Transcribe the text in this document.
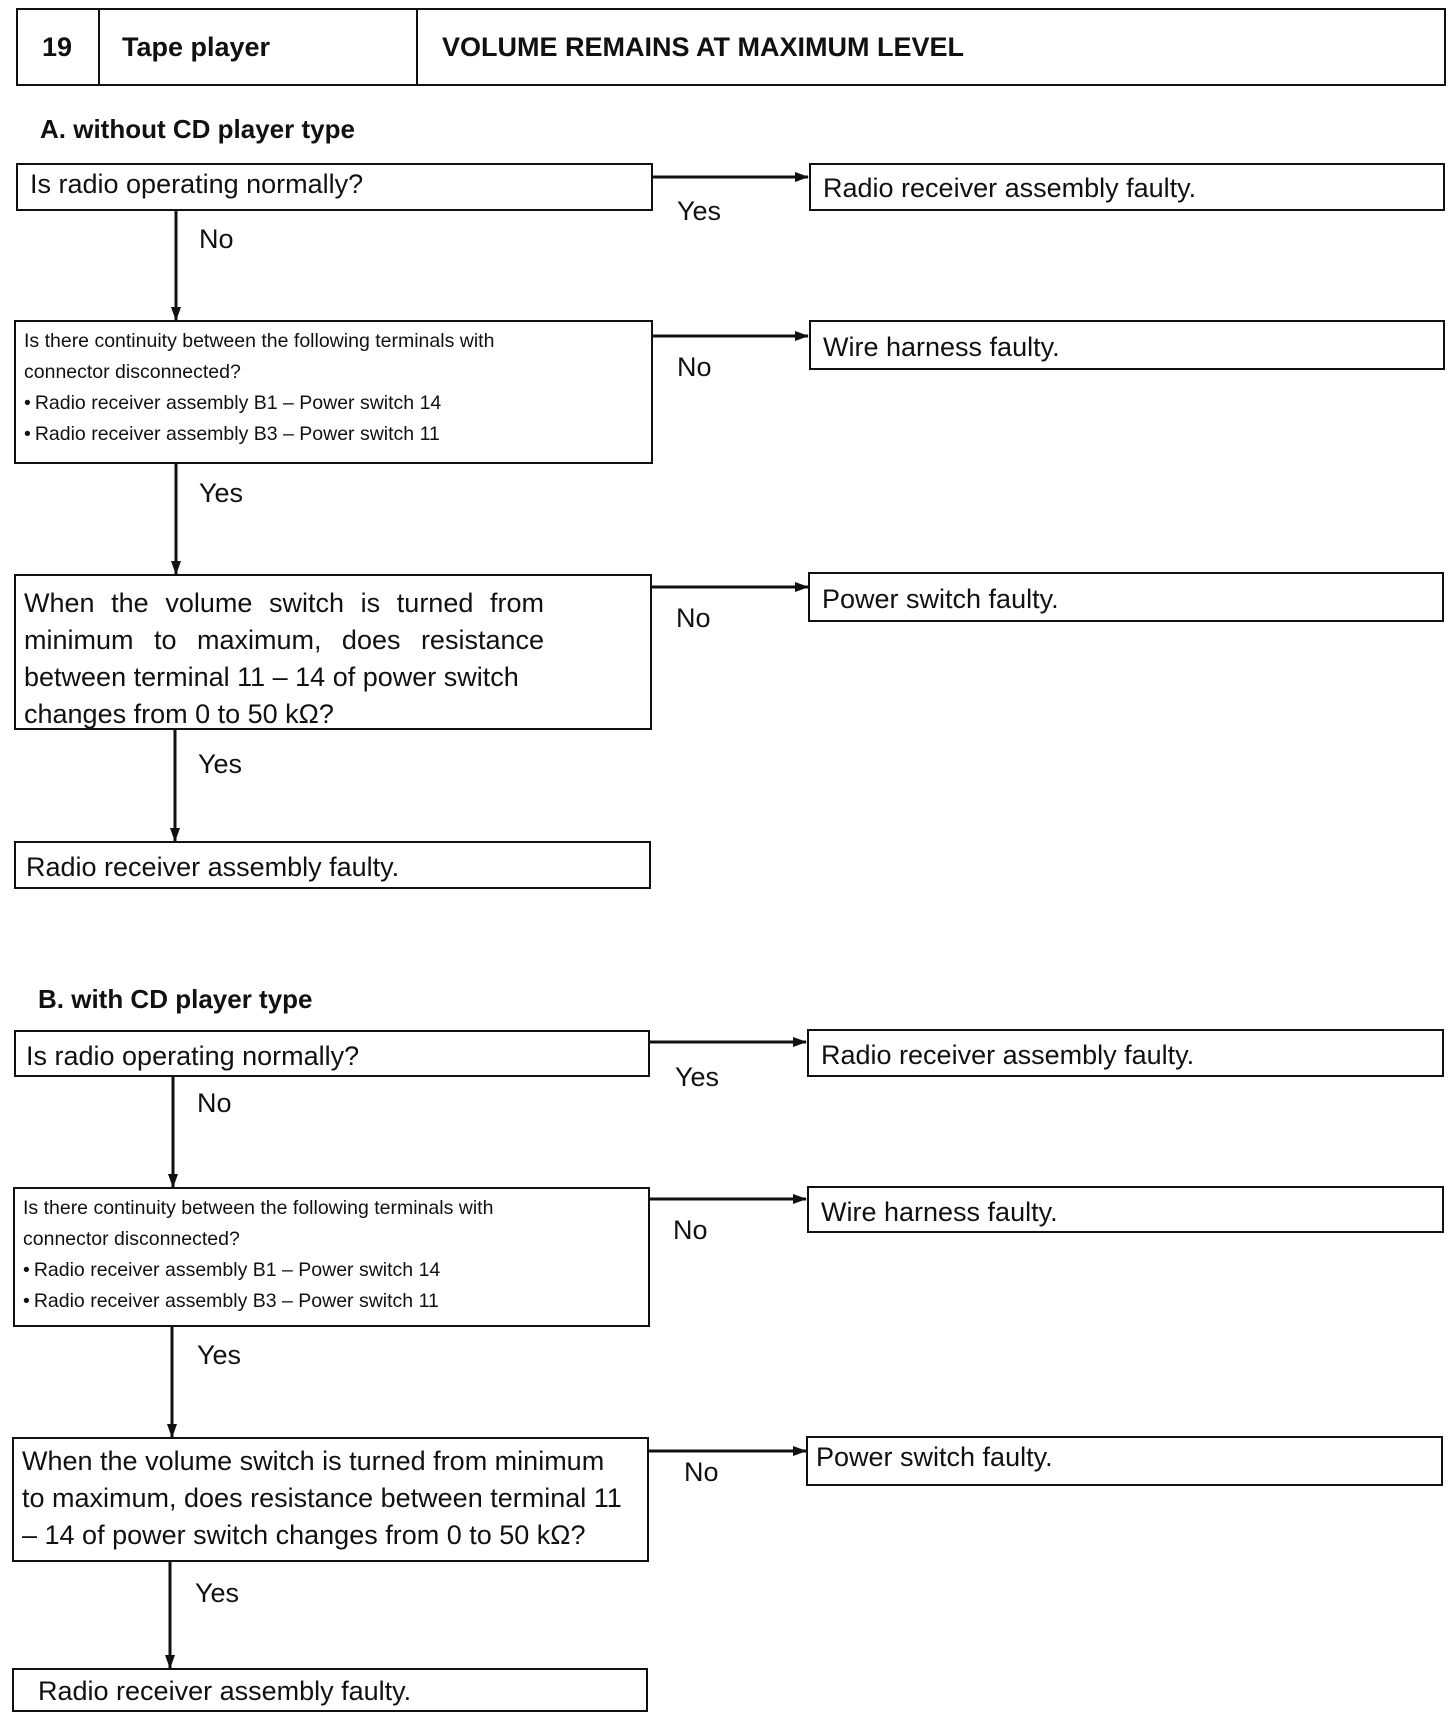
19 Tape player	VOLUME REMAINS AT MAXIMUM LEVEL
A. without CD player type
Is radio operating normally?
Yes
No
Radio receiver assembly faulty.
Is there continuity between the following terminals with
connector disconnected?
• Radio receiver assembly B1 – Power switch 14
• Radio receiver assembly B3 – Power switch 11
No
Yes
Wire harness faulty.
When the volume switch is turned from
minimum to maximum, does resistance
between terminal 11 – 14 of power switch
changes from 0 to 50 kΩ?
No
Yes
Power switch faulty.
Radio receiver assembly faulty.
B. with CD player type
Is radio operating normally?
Yes
No
Radio receiver assembly faulty.
Is there continuity between the following terminals with
connector disconnected?
• Radio receiver assembly B1 – Power switch 14
• Radio receiver assembly B3 – Power switch 11
No
Yes
Wire harness faulty.
When the volume switch is turned from minimum
to maximum, does resistance between terminal 11
– 14 of power switch changes from 0 to 50 kΩ?
No
Yes
Power switch faulty.
Radio receiver assembly faulty.
